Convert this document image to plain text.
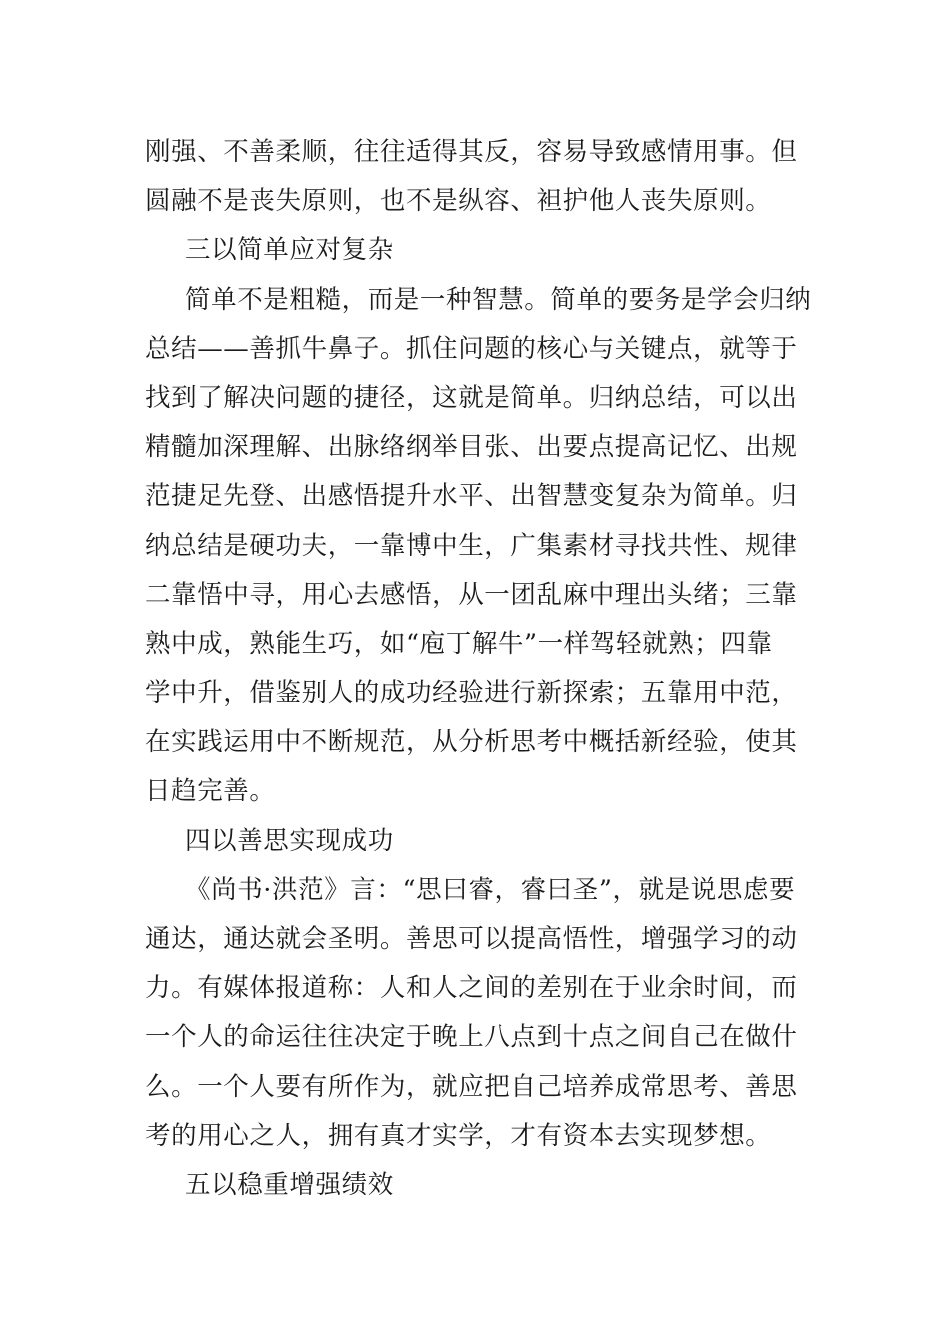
刚强、不善柔顺，往往适得其反，容易导致感情用事。但
圆融不是丧失原则，也不是纵容、袒护他人丧失原则。
三以简单应对复杂
简单不是粗糙，而是一种智慧。简单的要务是学会归纳
总结——善抓牛鼻子。抓住问题的核心与关键点，就等于
找到了解决问题的捷径，这就是简单。归纳总结，可以出
精髓加深理解、出脉络纲举目张、出要点提高记忆、出规
范捷足先登、出感悟提升水平、出智慧变复杂为简单。归
纳总结是硬功夫，一靠博中生，广集素材寻找共性、规律
二靠悟中寻，用心去感悟，从一团乱麻中理出头绪；三靠
熟中成，熟能生巧，如“庖丁解牛”一样驾轻就熟；四靠
学中升，借鉴别人的成功经验进行新探索；五靠用中范，
在实践运用中不断规范，从分析思考中概括新经验，使其
日趋完善。
四以善思实现成功
《尚书·洪范》言：“思曰睿，睿曰圣”，就是说思虑要
通达，通达就会圣明。善思可以提高悟性，增强学习的动
力。有媒体报道称：人和人之间的差别在于业余时间，而
一个人的命运往往决定于晚上八点到十点之间自己在做什
么。一个人要有所作为，就应把自己培养成常思考、善思
考的用心之人，拥有真才实学，才有资本去实现梦想。
五以稳重增强绩效
